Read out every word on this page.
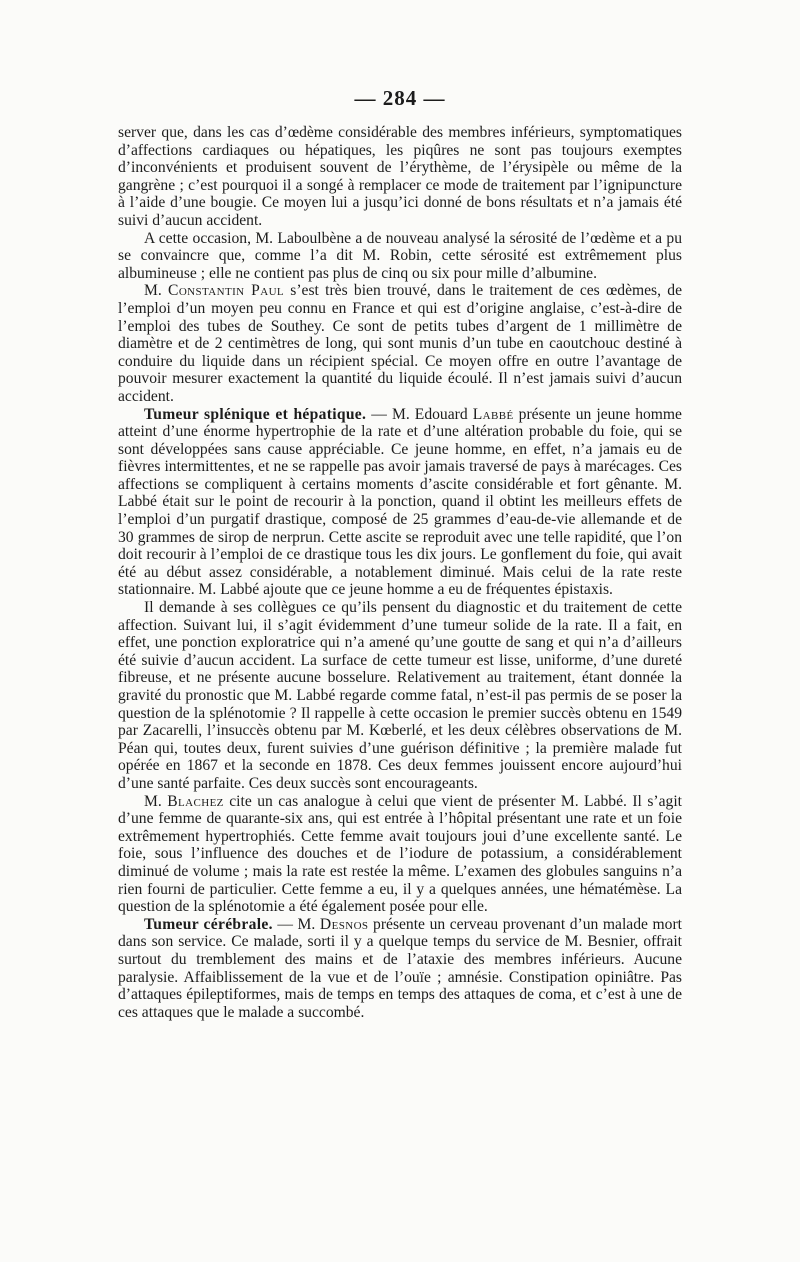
— 284 —

server que, dans les cas d’œdème considérable des membres inférieurs, symptomatiques d’affections cardiaques ou hépatiques, les piqûres ne sont pas toujours exemptes d’inconvénients et produisent souvent de l’érythème, de l’érysipèle ou même de la gangrène ; c’est pourquoi il a songé à remplacer ce mode de traitement par l’ignipuncture à l’aide d’une bougie. Ce moyen lui a jusqu’ici donné de bons résultats et n’a jamais été suivi d’aucun accident.

A cette occasion, M. Laboulbène a de nouveau analysé la sérosité de l’œdème et a pu se convaincre que, comme l’a dit M. Robin, cette sérosité est extrêmement plus albumineuse ; elle ne contient pas plus de cinq ou six pour mille d’albumine.

M. Constantin Paul s’est très bien trouvé, dans le traitement de ces œdèmes, de l’emploi d’un moyen peu connu en France et qui est d’origine anglaise, c’est-à-dire de l’emploi des tubes de Southey. Ce sont de petits tubes d’argent de 1 millimètre de diamètre et de 2 centimètres de long, qui sont munis d’un tube en caoutchouc destiné à conduire du liquide dans un récipient spécial. Ce moyen offre en outre l’avantage de pouvoir mesurer exactement la quantité du liquide écoulé. Il n’est jamais suivi d’aucun accident.

Tumeur splénique et hépatique. — M. Edouard Labbé présente un jeune homme atteint d’une énorme hypertrophie de la rate et d’une altération probable du foie, qui se sont développées sans cause appréciable. Ce jeune homme, en effet, n’a jamais eu de fièvres intermittentes, et ne se rappelle pas avoir jamais traversé de pays à marécages. Ces affections se compliquent à certains moments d’ascite considérable et fort gênante. M. Labbé était sur le point de recourir à la ponction, quand il obtint les meilleurs effets de l’emploi d’un purgatif drastique, composé de 25 grammes d’eau-de-vie allemande et de 30 grammes de sirop de nerprun. Cette ascite se reproduit avec une telle rapidité, que l’on doit recourir à l’emploi de ce drastique tous les dix jours. Le gonflement du foie, qui avait été au début assez considérable, a notablement diminué. Mais celui de la rate reste stationnaire. M. Labbé ajoute que ce jeune homme a eu de fréquentes épistaxis.

Il demande à ses collègues ce qu’ils pensent du diagnostic et du traitement de cette affection. Suivant lui, il s’agit évidemment d’une tumeur solide de la rate. Il a fait, en effet, une ponction exploratrice qui n’a amené qu’une goutte de sang et qui n’a d’ailleurs été suivie d’aucun accident. La surface de cette tumeur est lisse, uniforme, d’une dureté fibreuse, et ne présente aucune bosselure. Relativement au traitement, étant donnée la gravité du pronostic que M. Labbé regarde comme fatal, n’est-il pas permis de se poser la question de la splénotomie ? Il rappelle à cette occasion le premier succès obtenu en 1549 par Zacarelli, l’insuccès obtenu par M. Kœberlé, et les deux célèbres observations de M. Péan qui, toutes deux, furent suivies d’une guérison définitive ; la première malade fut opérée en 1867 et la seconde en 1878. Ces deux femmes jouissent encore aujourd’hui d’une santé parfaite. Ces deux succès sont encourageants.

M. Blachez cite un cas analogue à celui que vient de présenter M. Labbé. Il s’agit d’une femme de quarante-six ans, qui est entrée à l’hôpital présentant une rate et un foie extrêmement hypertrophiés. Cette femme avait toujours joui d’une excellente santé. Le foie, sous l’influence des douches et de l’iodure de potassium, a considérablement diminué de volume ; mais la rate est restée la même. L’examen des globules sanguins n’a rien fourni de particulier. Cette femme a eu, il y a quelques années, une hématémèse. La question de la splénotomie a été également posée pour elle.

Tumeur cérébrale. — M. Desnos présente un cerveau provenant d’un malade mort dans son service. Ce malade, sorti il y a quelque temps du service de M. Besnier, offrait surtout du tremblement des mains et de l’ataxie des membres inférieurs. Aucune paralysie. Affaiblissement de la vue et de l’ouïe ; amnésie. Constipation opiniâtre. Pas d’attaques épileptiformes, mais de temps en temps des attaques de coma, et c’est à une de ces attaques que le malade a succombé.
